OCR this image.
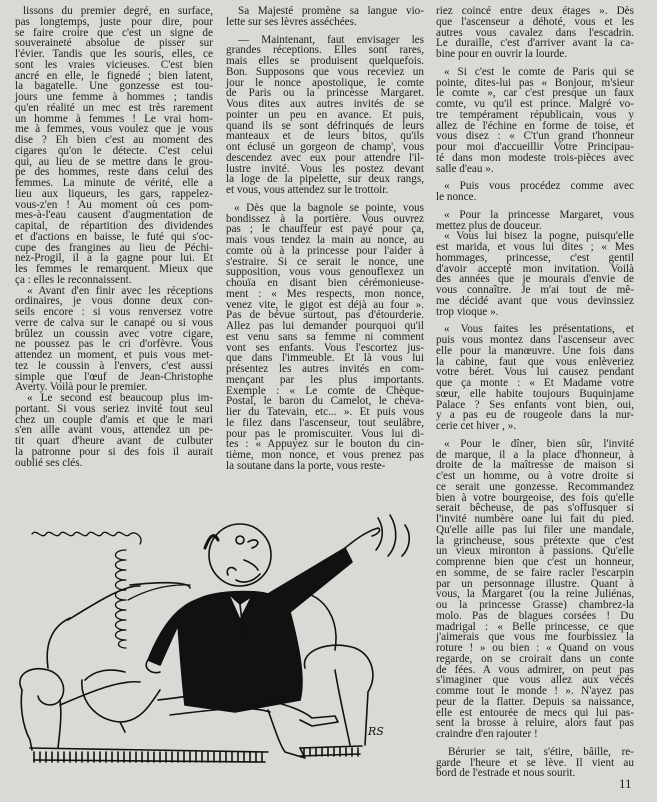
lissons du premier degré, en surface,
pas longtemps, juste pour dire, pour
se faire croire que c'est un signe de
souveraineté absolue de pisser sur
l'évier. Tandis que les souris, elles, ce
sont les vraies vicieuses. C'est bien
ancré en elle, le fignedé ; bien latent,
la bagatelle. Une gonzesse est tou-
jours une femme à hommes ; tandis
qu'en réalité un mec est très rarement
un homme à femmes ! Le vrai hom-
me à femmes, vous voulez que je vous
dise ? Eh bien c'est au moment des
cigares qu'on le détecte. C'est celui
qui, au lieu de se mettre dans le grou-
pe des hommes, reste dans celui des
femmes. La minute de vérité, elle a
lieu aux liqueurs, les gars, rappelez-
vous-z'en ! Au moment où ces pom-
mes-à-l'eau causent d'augmentation de
capital, de répartition des dividendes
et d'actions en baisse, le futé qui s'oc-
cupe des frangines au lieu de Péchi-
nez-Progil, il a la gagne pour lui. Et
les femmes le remarquent. Mieux que
ça : elles le reconnaissent.
« Avant d'en finir avec les réceptions
ordinaires, je vous donne deux con-
seils encore : si vous renversez votre
verre de calva sur le canapé ou si vous
brûlez un coussin avec votre cigare,
ne poussez pas le cri d'orfèvre. Vous
attendez un moment, et puis vous met-
tez le coussin à l'envers, c'est aussi
simple que l'œuf de Jean-Christophe
Averty. Voilà pour le premier.
« Le second est beaucoup plus im-
portant. Si vous seriez invité tout seul
chez un couple d'amis et que le mari
s'en aille avant vous, attendez un pe-
tit quart d'heure avant de culbuter
la patronne pour si des fois il aurait
oublié ses clés.
Sa Majesté promène sa langue vio-
lette sur ses lèvres asséchées.
— Maintenant, faut envisager les
grandes réceptions. Elles sont rares,
mais elles se produisent quelquefois.
Bon. Supposons que vous receviez un
jour le nonce apostolique, le comte
de Paris ou la princesse Margaret.
Vous dites aux autres invités de se
pointer un peu en avance. Et puis,
quand ils se sont défrinqués de leurs
manteaux et de leurs bitos, qu'ils
ont éclusé un gorgeon de champ', vous
descendez avec eux pour attendre l'il-
lustre invité. Vous les postez devant
la loge de la pipelette, sur deux rangs,
et vous, vous attendez sur le trottoir.
« Dès que la bagnole se pointe, vous
bondissez à la portière. Vous ouvrez
pas ; le chauffeur est payé pour ça,
mais vous tendez la main au nonce, au
comte où à la princesse pour l'aider à
s'estraire. Si ce serait le nonce, une
supposition, vous vous genouflexez un
chouïa en disant bien cérémonieuse-
ment : « Mes respects, mon nonce,
venez vite, le gigot est déjà au four ».
Pas de bévue surtout, pas d'étourderie.
Allez pas lui demander pourquoi qu'il
est venu sans sa femme ni comment
vont ses enfants. Vous l'escortez jus-
que dans l'immeuble. Et là vous lui
présentez les autres invités en com-
mençant par les plus importants.
Exemple : « Le comte de Chèque-
Postal, le baron du Camelot, le cheva-
lier du Tatevain, etc... ». Et puis vous
le filez dans l'ascenseur, tout seulâbre,
pour pas le promiscuiter. Vous lui di-
tes : « Appuyez sur le bouton du cin-
tième, mon nonce, et vous prenez pas
la soutane dans la porte, vous reste-
riez coincé entre deux étages ». Dès
que l'ascenseur a déhoté, vous et les
autres vous cavalez dans l'escadrin.
Le duraille, c'est d'arriver avant la ca-
bine pour en ouvrir la lourde.
« Si c'est le comte de Paris qui se
pointe, dites-lui pas « Bonjour, m'sieur
le comte », car c'est presque un faux
comte, vu qu'il est prince. Malgré vo-
tre tempérament républicain, vous y
allez de l'échine en forme de toise, et
vous disez : « C't'un grand t'honneur
pour moi d'accueillir Votre Principau-
té dans mon modeste trois-pièces avec
salle d'eau ».
« Puis vous procédez comme avec
le nonce.
« Pour la princesse Margaret, vous
mettez plus de douceur.
« Vous lui bisez la pogne, puisqu'elle
est marida, et vous lui dites ; « Mes
hommages, princesse, c'est gentil
d'avoir accepté mon invitation. Voilà
des années que je mourais d'envie de
vous connaître. Je m'ai tout de mê-
me décidé avant que vous devinssiez
trop vioque ».
« Vous faites les présentations, et
puis vous montez dans l'ascenseur avec
elle pour la manœuvre. Une fois dans
la cabine, faut que vous enlèveriez
votre béret. Vous lui causez pendant
que ça monte : « Et Madame votre
sœur, elle habite toujours Buquinjame
Palace ? Ses enfants vont bien, oui,
y a pas eu de rougeole dans la nur-
cerie cet hiver , ».
« Pour le dîner, bien sûr, l'invité
de marque, il a la place d'honneur, à
droite de la maîtresse de maison si
c'est un homme, ou à votre droite si
ce serait une gonzesse. Recommandez
bien à votre bourgeoise, des fois qu'elle
serait bêcheuse, de pas s'offusquer si
l'invité numbère oane lui fait du pied.
Qu'elle aille pas lui filer une mandale,
la grincheuse, sous prétexte que c'est
un vieux mironton à passions. Qu'elle
comprenne bien que c'est un honneur,
en somme, de se faire racler l'escarpin
par un personnage illustre. Quant à
vous, la Margaret (ou la reine Juliénas,
ou la princesse Grasse) chambrez-la
molo. Pas de blagues corsées ! Du
madrigal : « Belle princesse, ce que
j'aimerais que vous me fourbissiez la
roture ! » ou bien : « Quand on vous
regarde, on se croirait dans un conte
de fées. A vous admirer, on peut pas
s'imaginer que vous allez aux vécés
comme tout le monde ! ». N'ayez pas
peur de la flatter. Depuis sa naissance,
elle est entourée de mecs qui lui pas-
sent la brosse à reluire, alors faut pas
craindre d'en rajouter !
Bérurier se tait, s'étire, bâille, re-
garde l'heure et se lève. Il vient au
bord de l'estrade et nous sourit.
RS
11
